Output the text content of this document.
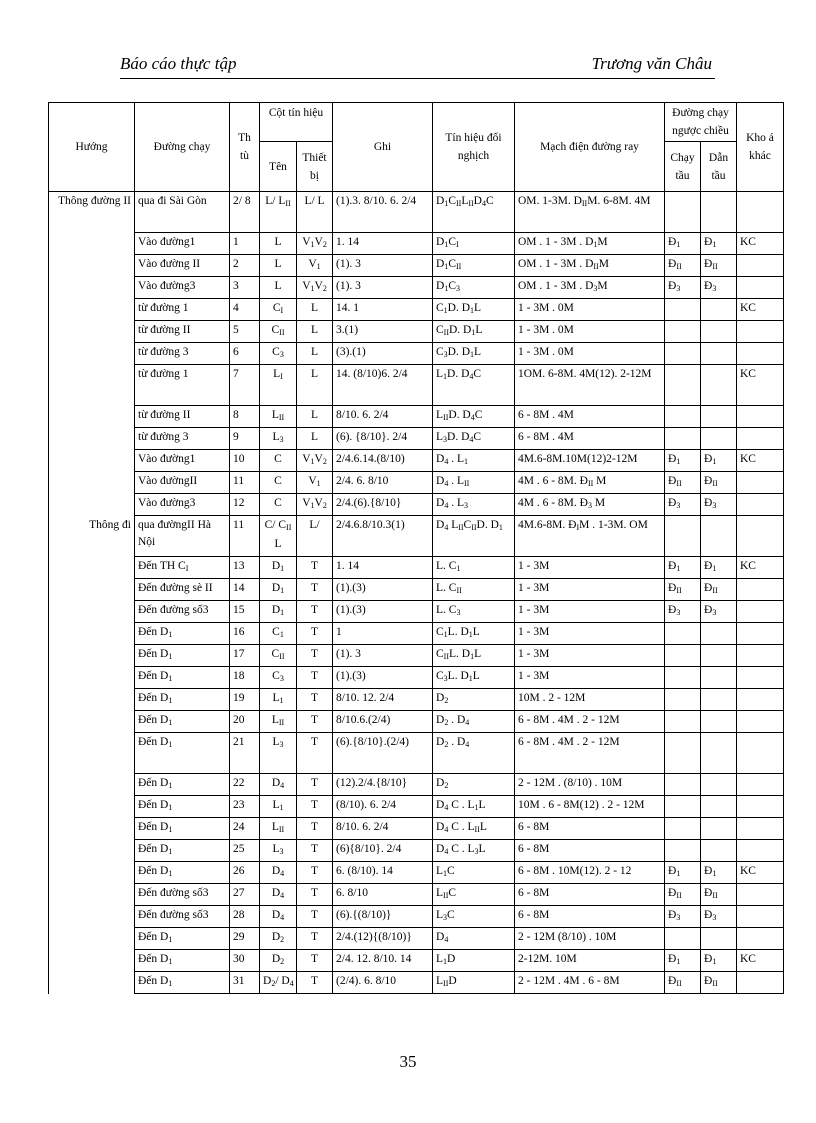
Báo cáo thực tập	Trương văn Châu
Hướng	Đường chạy	Th tù	Cột tín hiệu		Ghi	Tín hiệu đối nghịch	Mạch điện đường ray	Đường chạy ngược chiều		Kho á khác
			Tên	Thiết bị				Chạy tầu	Dẫn tầu	

Thông đường II	qua đi Sài Gòn	2/ 8	L/ $L_{II}$	L/ L	(1).3. 8/10. 6. 2/4	$D_1C_{II}L_{II}D_4C$	OM. 1-3M. $D_{II}M$. 6-8M. 4M			

	Vào đường1	1	L	$V_1V_2$	1. 14	$D_1C_I$	OM . 1 - 3M . $D_1M$	$Đ_1$	$Đ_1$	KC

	Vào đường II	2	L	$V_1$	(1). 3	$D_1C_{II}$	OM . 1 - 3M . $D_{II}M$	$Đ_{II}$	$Đ_{II}$	

	Vào đường3	3	L	$V_1V_2$	(1). 3	$D_1C_3$	OM . 1 - 3M . $D_3M$	$Đ_3$	$Đ_3$	

	từ đường 1	4	$C_I$	L	14. 1	$C_1D$. $D_1L$	1 - 3M . 0M			KC

	từ đường II	5	$C_{II}$	L	3.(1)	$C_{II}D$. $D_1L$	1 - 3M . 0M			

	từ đường 3	6	$C_3$	L	(3).(1)	$C_3D$. $D_1L$	1 - 3M . 0M			

	từ đường 1	7	$L_I$	L	14. (8/10)6. 2/4	$L_1D$. $D_4C$	1OM. 6-8M. 4M(12). 2-12M			KC

	từ đường II	8	$L_{II}$	L	8/10. 6. 2/4	$L_{II}D$. $D_4C$	6 - 8M . 4M			

	từ đường 3	9	$L_3$	L	(6). {8/10}. 2/4	$L_3D$. $D_4C$	6 - 8M . 4M			

	Vào đường1	10	C	$V_1V_2$	2/4.6.14.(8/10)	$D_4$ . $L_1$	4M.6-8M.10M(12)2-12M	$Đ_1$	$Đ_1$	KC

	Vào đườngII	11	C	$V_1$	2/4. 6. 8/10	$D_4$ . $L_{II}$	4M . 6 - 8M. $Đ_{II}$ M	$Đ_{II}$	$Đ_{II}$	

	Vào đường3	12	C	$V_1V_2$	2/4.(6).{8/10}	$D_4$ . $L_3$	4M . 6 - 8M. $Đ_3$ M	$Đ_3$	$Đ_3$	

Thông đi	qua đườngII Hà Nội	11	C/ $C_{II}$ L	L/	2/4.6.8/10.3(1)	$D_4$ $L_{II}C_{II}D$. $D_1$	4M.6-8M. $Đ_IM$ . 1-3M. OM			

	Đến TH $C_I$	13	$D_1$	T	1. 14	L. $C_1$	1 - 3M	$Đ_1$	$Đ_1$	KC

	Đến đường sè II	14	$D_1$	T	(1).(3)	L. $C_{II}$	1 - 3M	$Đ_{II}$	$Đ_{II}$	

	Đến đường số3	15	$D_1$	T	(1).(3)	L. $C_3$	1 - 3M	$Đ_3$	$Đ_3$	

	Đến $D_1$	16	$C_1$	T	1	$C_1L$. $D_1L$	1 - 3M			

	Đến $D_1$	17	$C_{II}$	T	(1). 3	$C_{II}L$. $D_1L$	1 - 3M			

	Đến $D_1$	18	$C_3$	T	(1).(3)	$C_3L$. $D_1L$	1 - 3M			

	Đến $D_1$	19	$L_1$	T	8/10. 12. 2/4	$D_2$	10M . 2 - 12M			

	Đến $D_1$	20	$L_{II}$	T	8/10.6.(2/4)	$D_2$ . $D_4$	6 - 8M . 4M . 2 - 12M			

	Đến $D_1$	21	$L_3$	T	(6).{8/10}.(2/4)	$D_2$ . $D_4$	6 - 8M . 4M . 2 - 12M			

	Đến $D_1$	22	$D_4$	T	(12).2/4.{8/10}	$D_2$	2 - 12M . (8/10) . 10M			

	Đến $D_1$	23	$L_1$	T	(8/10). 6. 2/4	$D_4$ C . $L_1L$	10M . 6 - 8M(12) . 2 - 12M			

	Đến $D_1$	24	$L_{II}$	T	8/10. 6. 2/4	$D_4$ C . $L_{II}L$	6 - 8M			

	Đến $D_1$	25	$L_3$	T	(6){8/10}. 2/4	$D_4$ C . $L_3L$	6 - 8M			

	Đến $D_1$	26	$D_4$	T	6. (8/10). 14	$L_1C$	6 - 8M . 10M(12). 2 - 12	$Đ_1$	$Đ_1$	KC

	Đến đường số3	27	$D_4$	T	6. 8/10	$L_{II}C$	6 - 8M	$Đ_{II}$	$Đ_{II}$	

	Đến đường số3	28	$D_4$	T	(6).{(8/10)}	$L_3C$	6 - 8M	$Đ_3$	$Đ_3$	

	Đến $D_1$	29	$D_2$	T	2/4.(12){(8/10)}	$D_4$	2 - 12M (8/10) . 10M			

	Đến $D_1$	30	$D_2$	T	2/4. 12. 8/10. 14	$L_1D$	2-12M. 10M	$Đ_1$	$Đ_1$	KC

	Đến $D_1$	31	$D_2/$ $D_4$	T	(2/4). 6. 8/10	$L_{II}D$	2 - 12M . 4M . 6 - 8M	$Đ_{II}$	$Đ_{II}$	
35
